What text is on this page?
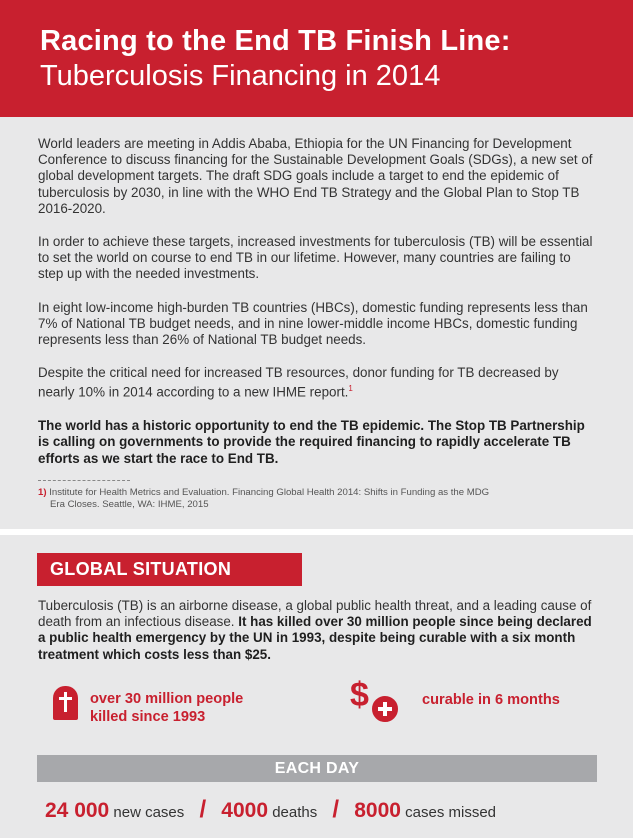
Racing to the End TB Finish Line:
Tuberculosis Financing in 2014

World leaders are meeting in Addis Ababa, Ethiopia for the UN Financing for Development Conference to discuss financing for the Sustainable Development Goals (SDGs), a new set of global development targets. The draft SDG goals include a target to end the epidemic of tuberculosis by 2030, in line with the WHO End TB Strategy and the Global Plan to Stop TB 2016-2020.

In order to achieve these targets, increased investments for tuberculosis (TB) will be essential to set the world on course to end TB in our lifetime. However, many countries are failing to step up with the needed investments.

In eight low-income high-burden TB countries (HBCs), domestic funding represents less than 7% of National TB budget needs, and in nine lower-middle income HBCs, domestic funding represents less than 26% of National TB budget needs.

Despite the critical need for increased TB resources, donor funding for TB decreased by nearly 10% in 2014 according to a new IHME report.$^1$

The world has a historic opportunity to end the TB epidemic. The Stop TB Partnership is calling on governments to provide the required financing to rapidly accelerate TB efforts as we start the race to End TB.

1) Institute for Health Metrics and Evaluation. Financing Global Health 2014: Shifts in Funding as the MDG
Era Closes. Seattle, WA: IHME, 2015
GLOBAL SITUATION
Tuberculosis (TB) is an airborne disease, a global public health threat, and a leading cause of death from an infectious disease. It has killed over 30 million people since being declared a public health emergency by the UN in 1993, despite being curable with a six month treatment which costs less than $25.
over 30 million people
killed since 1993
$	curable in 6 months
EACH DAY
24 000 new cases / 4000 deaths / 8000 cases missed
